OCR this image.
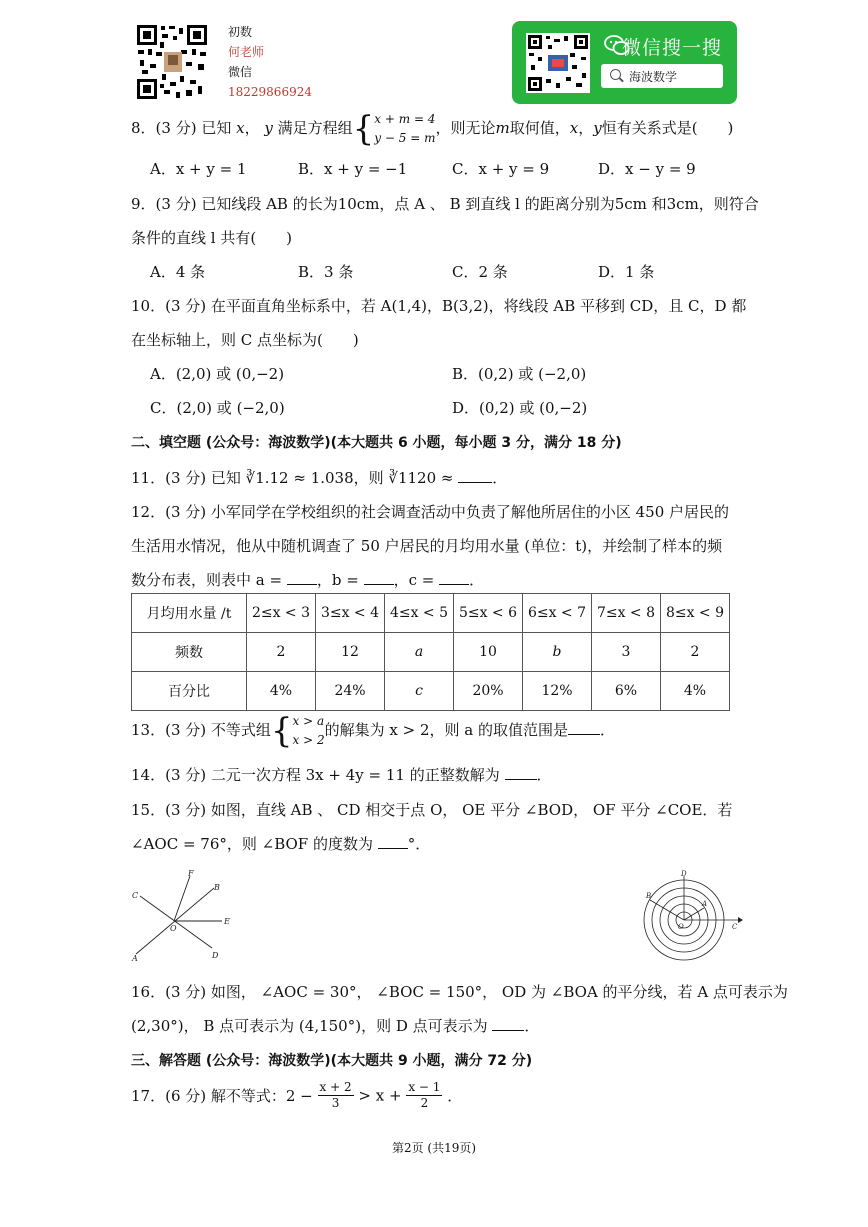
初数
何老师
微信
18229866924
微信搜一搜
海波数学
8．(3 分) 已知 x， y 满足方程组{ x + m = 4
y − 5 = m
，则无论m取何值，x，y恒有关系式是(　　)
A．x + y = 1	B．x + y = −1	C．x + y = 9	D．x − y = 9
9．(3 分) 已知线段 AB 的长为10cm，点 A 、 B 到直线 l 的距离分别为5cm 和3cm，则符合
条件的直线 l 共有(　　)
A．4 条	B．3 条	C．2 条	D．1 条
10．(3 分) 在平面直角坐标系中，若 A(1,4)，B(3,2)，将线段 AB 平移到 CD，且 C，D 都
在坐标轴上，则 C 点坐标为(　　)
A．(2,0) 或 (0,−2)	B．(0,2) 或 (−2,0)
C．(2,0) 或 (−2,0)	D．(0,2) 或 (0,−2)
二、填空题 (公众号：海波数学)(本大题共 6 小题，每小题 3 分，满分 18 分)
11．(3 分) 已知 ∛1.12 ≈ 1.038，则 ∛1120 ≈	．
12．(3 分) 小军同学在学校组织的社会调查活动中负责了解他所居住的小区 450 户居民的
生活用水情况，他从中随机调查了 50 户居民的月均用水量 (单位：t)，并绘制了样本的频
数分布表，则表中 a = ，b = ，c = ．
月均用水量 /t	2≤x < 3	3≤x < 4	4≤x < 5	5≤x < 6	6≤x < 7	7≤x < 8	8≤x < 9
频数	2	12	a	10	b	3	2
百分比	4%	24%	c	20%	12%	6%	4%
13．(3 分) 不等式组{ x > a
x > 2
的解集为 x > 2，则 a 的取值范围是 ．
14．(3 分) 二元一次方程 3x + 4y = 11 的正整数解为 ．
15．(3 分) 如图，直线 AB 、 CD 相交于点 O， OE 平分 ∠BOD， OF 平分 ∠COE．若
∠AOC = 76°，则 ∠BOF 的度数为 °．
F
B
C
E
O
A	D
D
B
A
O	C
16．(3 分) 如图， ∠AOC = 30°， ∠BOC = 150°， OD 为 ∠BOA 的平分线，若 A 点可表示为
(2,30°)， B 点可表示为 (4,150°)，则 D 点可表示为 ．
三、解答题 (公众号：海波数学)(本大题共 9 小题，满分 72 分)
17．(6 分) 解不等式：$2 - \frac{x + 2}{3} > x + \frac{x - 1}{2}$ ．
第2页 (共19页)
